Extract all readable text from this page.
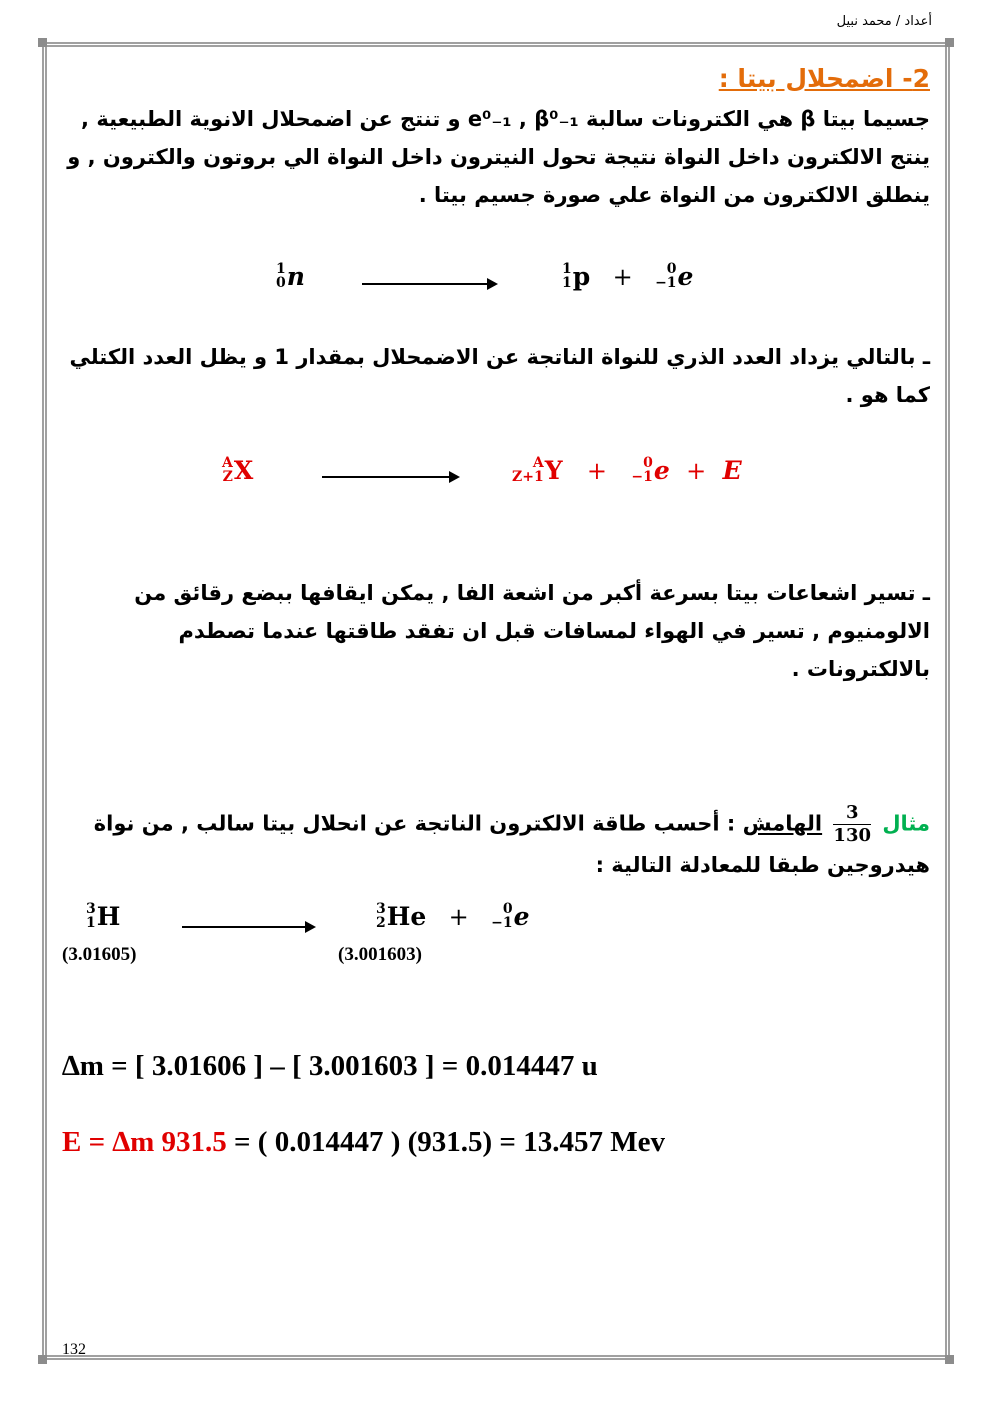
أعداد / محمد نبيل
2- اضمحلال بيتا :
جسيما بيتا β هي الكترونات سالبة e⁰₋₁ , β⁰₋₁ و تنتج عن اضمحلال الانوية الطبيعية , ينتج الالكترون داخل النواة نتيجة تحول النيترون داخل النواة الي بروتون والكترون , و ينطلق الالكترون من النواة علي صورة جسيم بيتا .
1
0 n	1
1 p +	0
−1 e
ـ بالتالي يزداد العدد الذري للنواة الناتجة عن الاضمحلال بمقدار 1 و يظل العدد الكتلي كما هو .
A
Z X	A
Z+1 Y +	0
−1 e + E
ـ تسير اشعاعات بيتا بسرعة أكبر من اشعة الفا , يمكن ايقافها ببضع رقائق من الالومنيوم , تسير في الهواء لمسافات قبل ان تفقد طاقتها عندما تصطدم بالالكترونات .
مثال
$\frac{3}{130}$
الهامش : أحسب طاقة الالكترون الناتجة عن انحلال بيتا سالب , من نواة هيدروجين طبقا للمعادلة التالية :
3
1 H	3
2 He +	0
−1 e
(3.01605)	(3.001603)
∆m = [ 3.01606 ] – [ 3.001603 ] = 0.014447 u
E = ∆m 931.5 = ( 0.014447 ) (931.5) = 13.457 Mev
132
